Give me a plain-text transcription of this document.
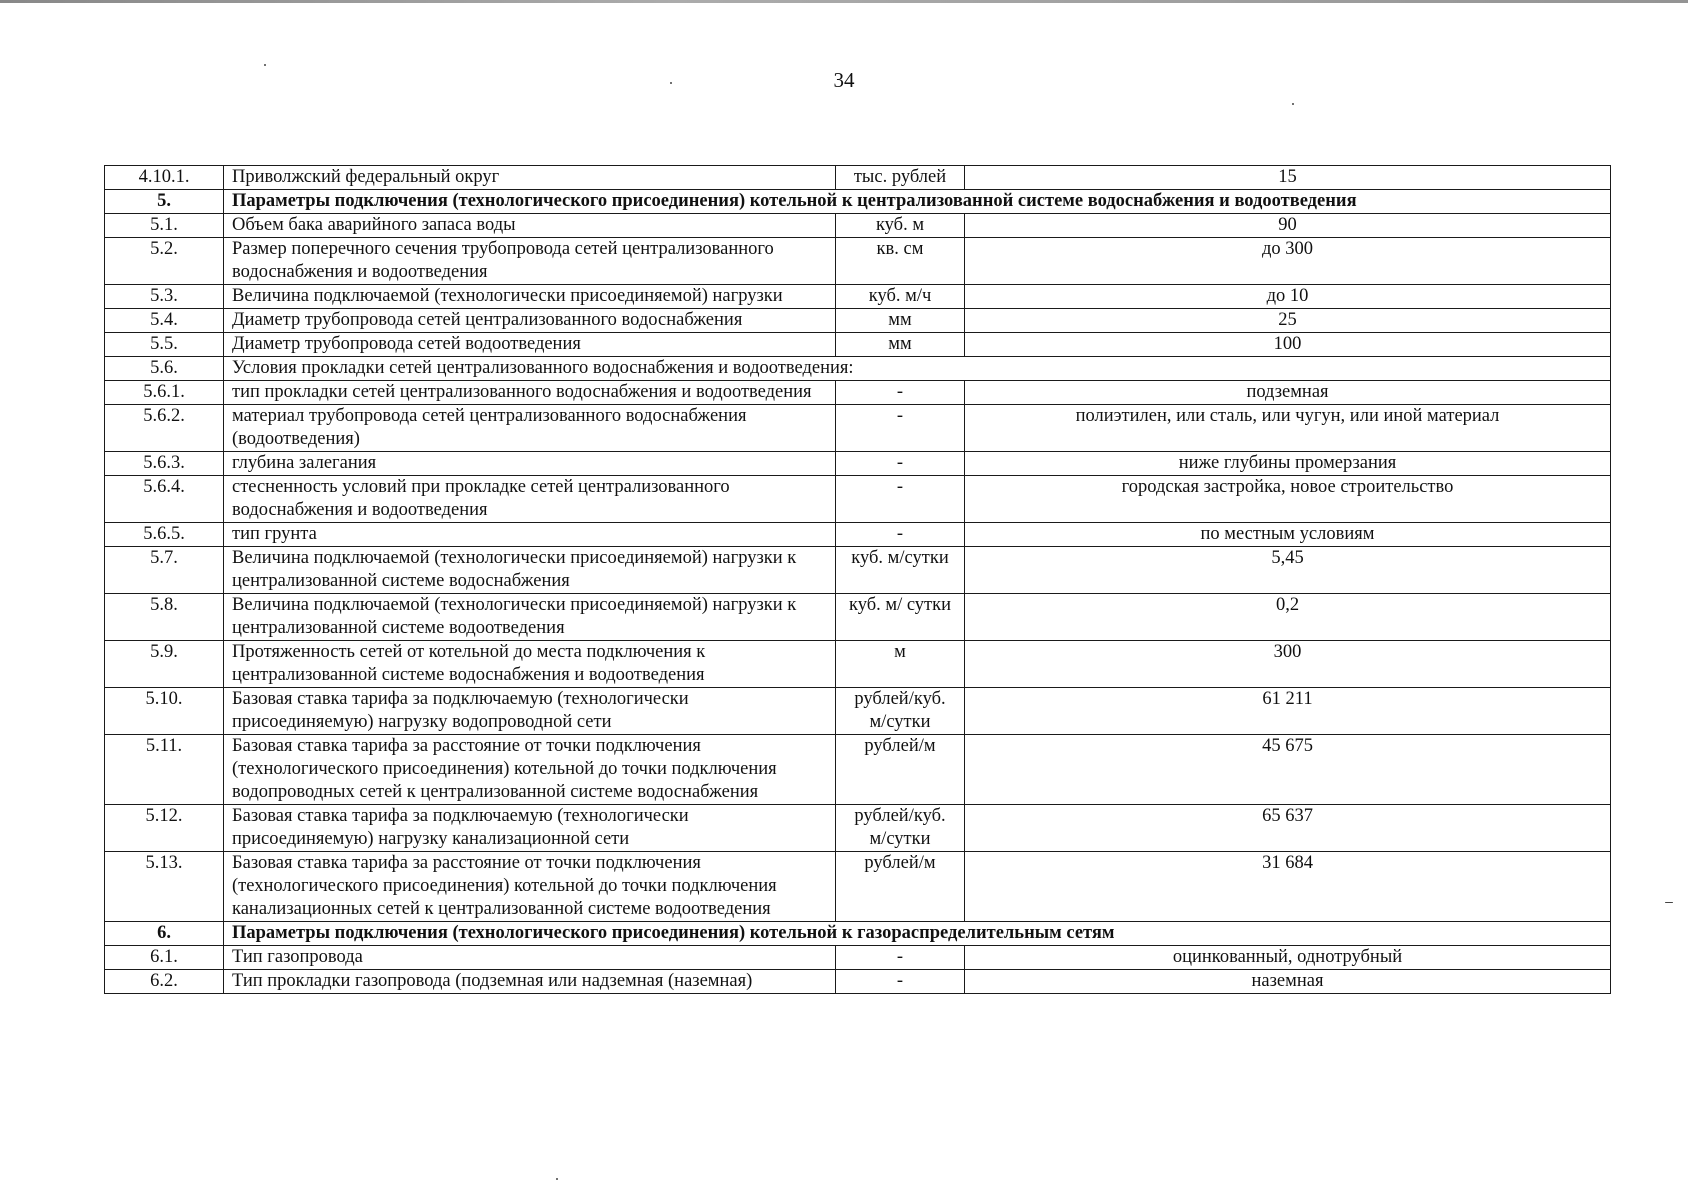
34
4.10.1.	Приволжский федеральный округ	тыс. рублей	15
5.	Параметры подключения (технологического присоединения) котельной к централизованной системе водоснабжения и водоотведения		
5.1.	Объем бака аварийного запаса воды	куб. м	90
5.2.	Размер поперечного сечения трубопровода сетей централизованного водоснабжения и водоотведения	кв. см	до 300
5.3.	Величина подключаемой (технологически присоединяемой) нагрузки	куб. м/ч	до 10
5.4.	Диаметр трубопровода сетей централизованного водоснабжения	мм	25
5.5.	Диаметр трубопровода сетей водоотведения	мм	100
5.6.	Условия прокладки сетей централизованного водоснабжения и водоотведения:		
5.6.1.	тип прокладки сетей централизованного водоснабжения и водоотведения	-	подземная
5.6.2.	материал трубопровода сетей централизованного водоснабжения (водоотведения)	-	полиэтилен, или сталь, или чугун, или иной материал
5.6.3.	глубина залегания	-	ниже глубины промерзания
5.6.4.	стесненность условий при прокладке сетей централизованного водоснабжения и водоотведения	-	городская застройка, новое строительство
5.6.5.	тип грунта	-	по местным условиям
5.7.	Величина подключаемой (технологически присоединяемой) нагрузки к централизованной системе водоснабжения	куб. м/сутки	5,45
5.8.	Величина подключаемой (технологически присоединяемой) нагрузки к централизованной системе водоотведения	куб. м/ сутки	0,2
5.9.	Протяженность сетей от котельной до места подключения к централизованной системе водоснабжения и водоотведения	м	300
5.10.	Базовая ставка тарифа за подключаемую (технологически присоединяемую) нагрузку водопроводной сети	рублей/куб. м/сутки	61 211
5.11.	Базовая ставка тарифа за расстояние от точки подключения (технологического присоединения) котельной до точки подключения водопроводных сетей к централизованной системе водоснабжения	рублей/м	45 675
5.12.	Базовая ставка тарифа за подключаемую (технологически присоединяемую) нагрузку канализационной сети	рублей/куб. м/сутки	65 637
5.13.	Базовая ставка тарифа за расстояние от точки подключения (технологического присоединения) котельной до точки подключения канализационных сетей к централизованной системе водоотведения	рублей/м	31 684
6.	Параметры подключения (технологического присоединения) котельной к газораспределительным сетям		
6.1.	Тип газопровода	-	оцинкованный, однотрубный
6.2.	Тип прокладки газопровода (подземная или надземная (наземная)	-	наземная
